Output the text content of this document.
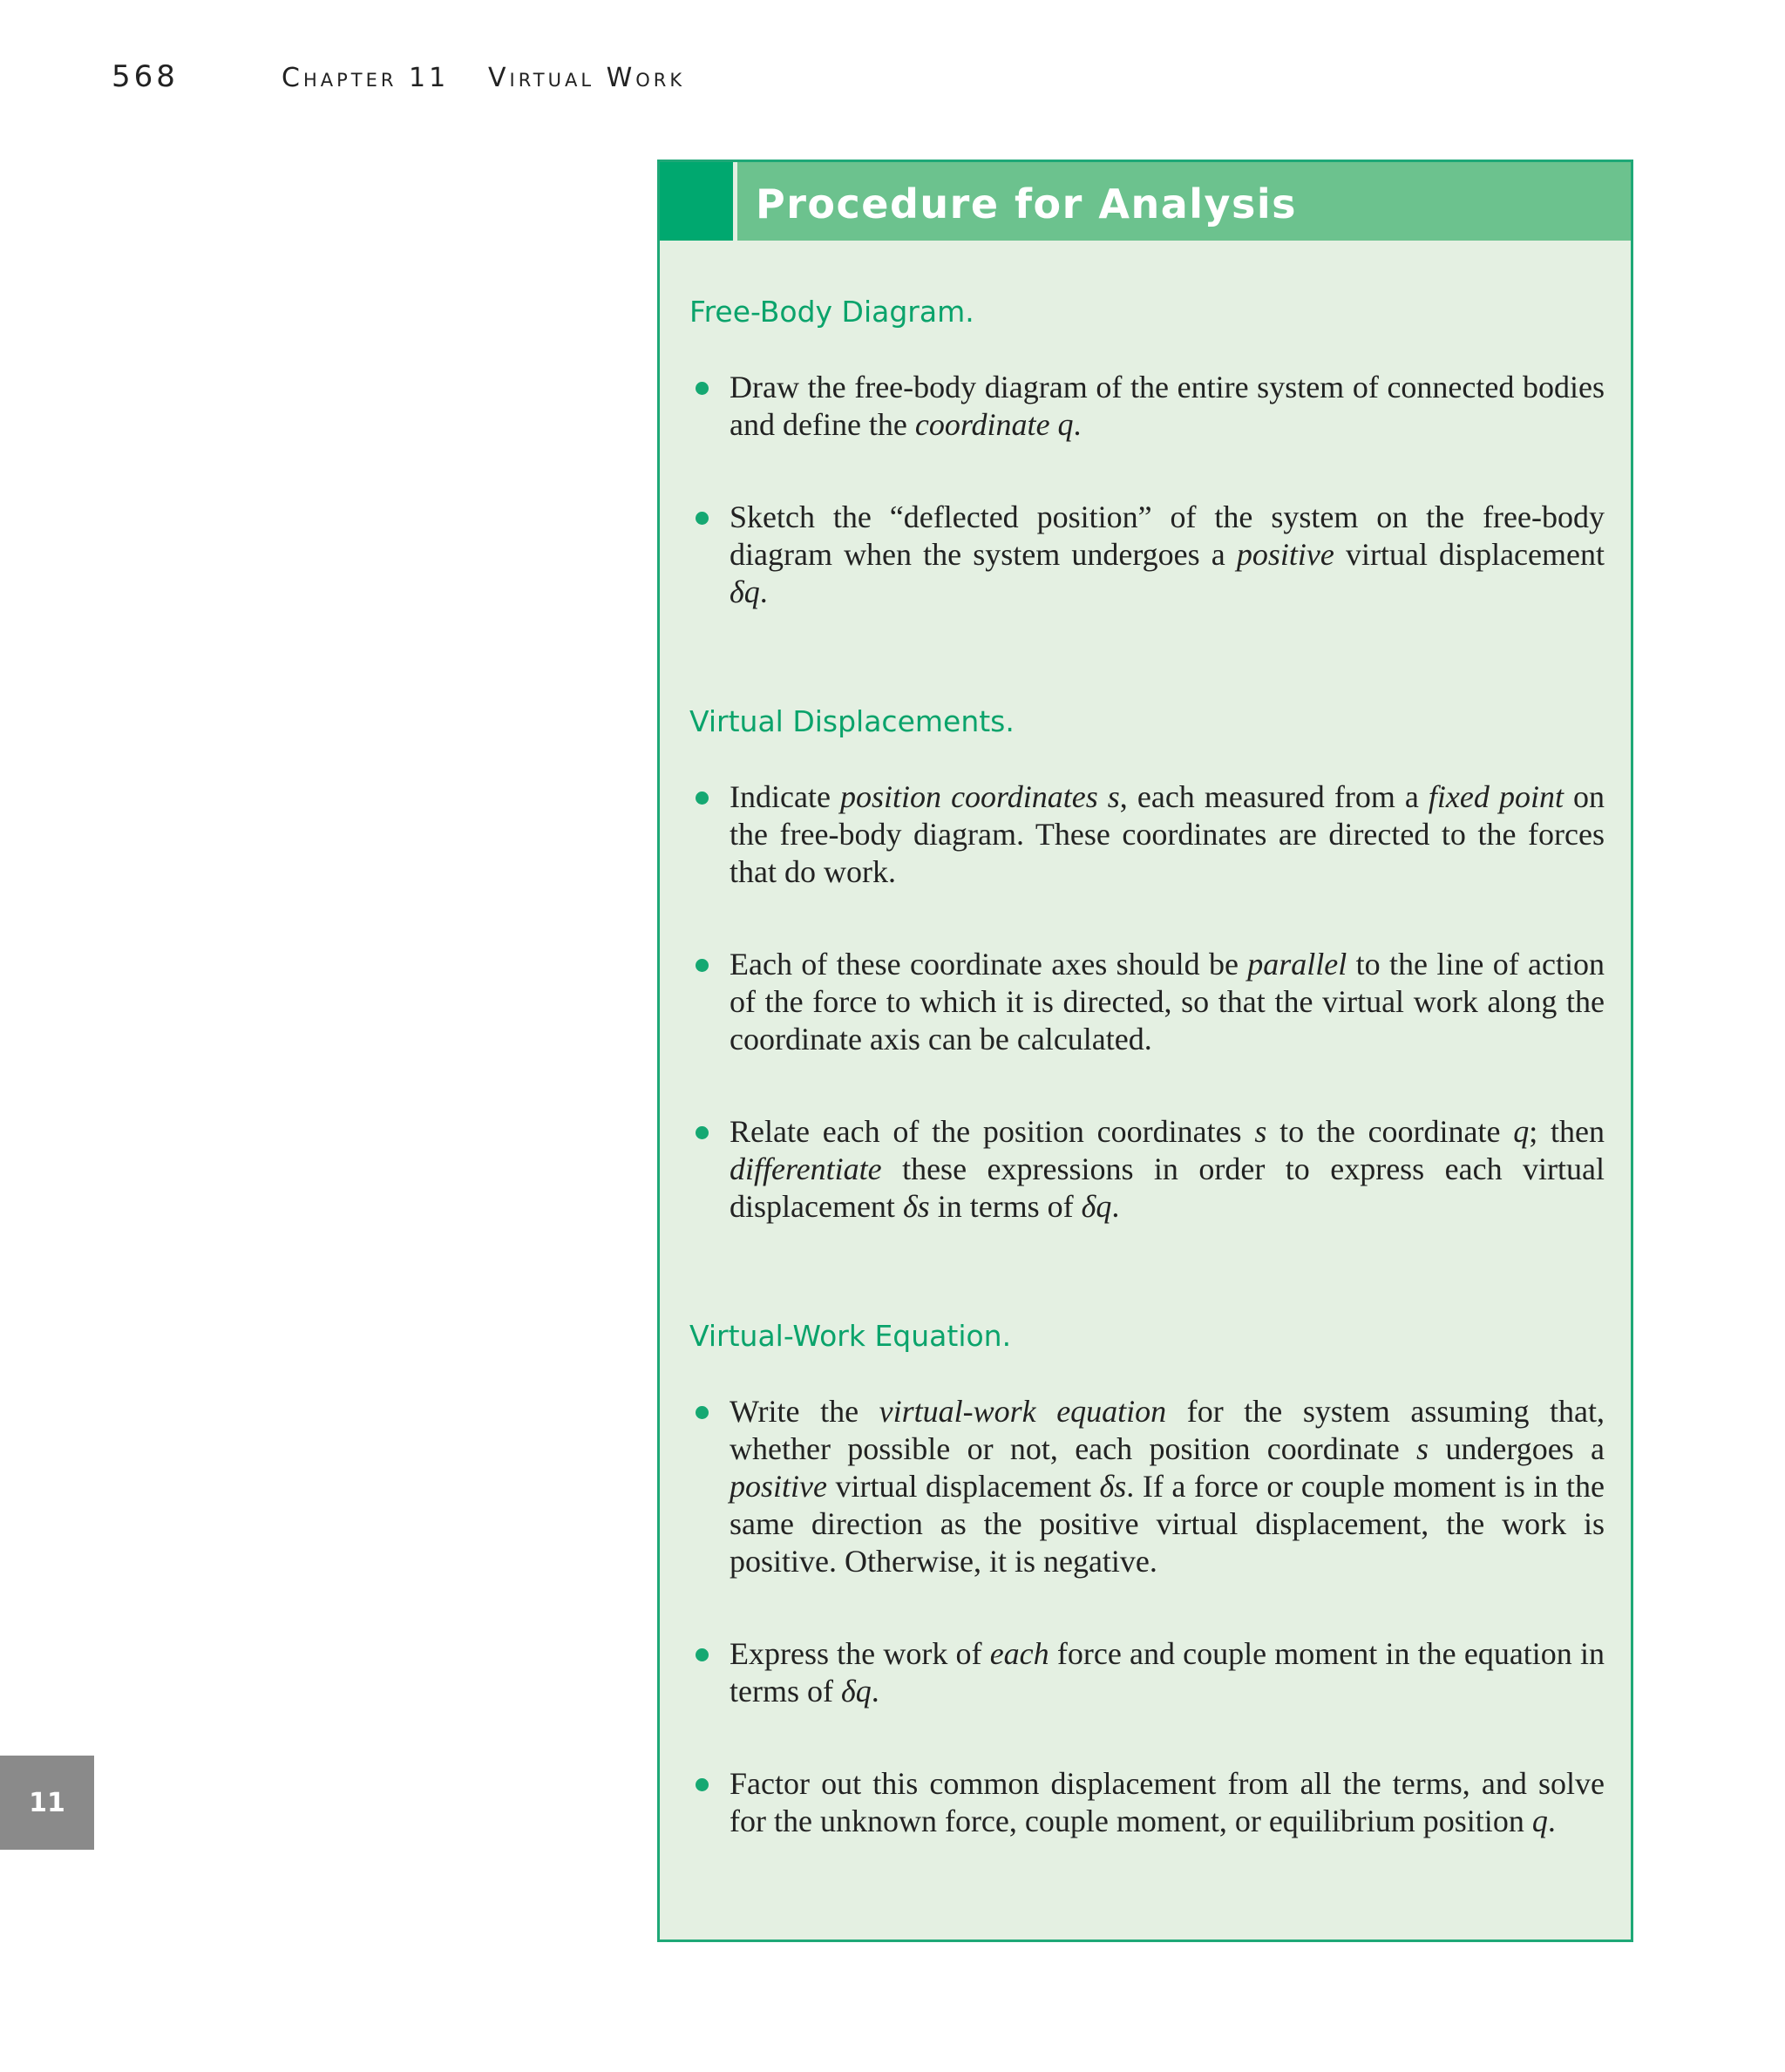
568	Chapter 11 Virtual Work
11
Procedure for Analysis
Free-Body Diagram.
Draw the free-body diagram of the entire system of connected bodies and define the coordinate q.
Sketch the “deflected position” of the system on the free-body diagram when the system undergoes a positive virtual displacement δq.
Virtual Displacements.
Indicate position coordinates s, each measured from a fixed point on the free-body diagram. These coordinates are directed to the forces that do work.
Each of these coordinate axes should be parallel to the line of action of the force to which it is directed, so that the virtual work along the coordinate axis can be calculated.
Relate each of the position coordinates s to the coordinate q; then differentiate these expressions in order to express each virtual displacement δs in terms of δq.
Virtual-Work Equation.
Write the virtual-work equation for the system assuming that, whether possible or not, each position coordinate s undergoes a positive virtual displacement δs. If a force or couple moment is in the same direction as the positive virtual displacement, the work is positive. Otherwise, it is negative.
Express the work of each force and couple moment in the equation in terms of δq.
Factor out this common displacement from all the terms, and solve for the unknown force, couple moment, or equilibrium position q.
